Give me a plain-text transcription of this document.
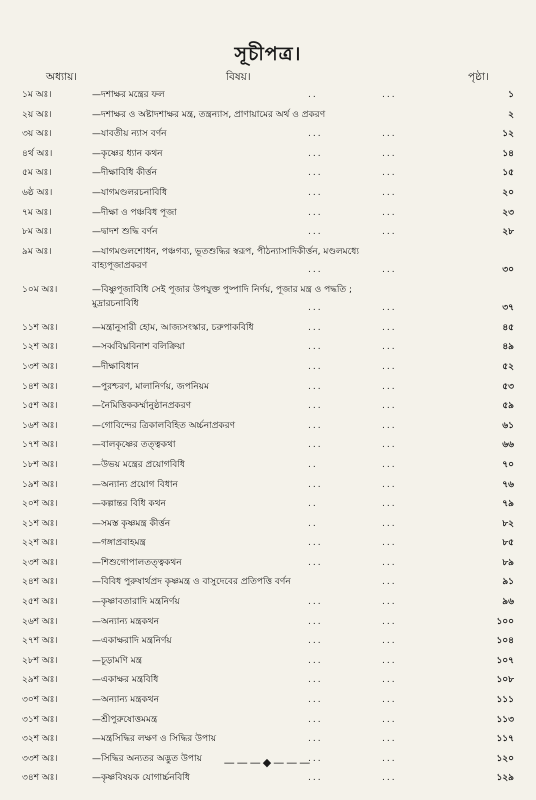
সূচীপত্র।
অধ্যায়।	বিষয়।	পৃষ্ঠা।
১ম অঃ।	—দশাক্ষর মন্ত্রের ফল	..	...	১
২য় অঃ।	—দশাক্ষর ও অষ্টাদশাক্ষর মন্ত্র, তন্ত্রন্যাস, প্রাণায়ামের অর্থ ও প্রকরণ	২
৩য় অঃ।	—যাবতীয় ন্যাস বর্ণন	...	...	১২
৪র্থ অঃ।	—কৃষ্ণের ধ্যান কথন	...	...	১৪
৫ম অঃ।	—দীক্ষাবিধি কীর্ত্তন	...	...	১৫
৬ষ্ঠ অঃ।	—যাগমণ্ডলরচনাবিধি	...	...	২০
৭ম অঃ।	—দীক্ষা ও পঞ্চবিধ পূজা	...	...	২৩
৮ম অঃ।	—দ্বাদশ শুদ্ধি বর্ণন	...	...	২৮
৯ম অঃ।	—যাগমণ্ডলশোধন, পঞ্চগব্য, ভূতশুদ্ধির স্বরূপ, পীঠন্যাসাদিকীর্ত্তন, মণ্ডলমধ্যে
বাহ্যপূজাপ্রকরণ	...	...	৩০
১০ম অঃ।	—বিষ্ণুপূজাবিধি সেই পূজার উপযুক্ত পুষ্পাদি নির্ণয়, পূজার মন্ত্র ও পদ্ধতি ;
মুদ্রারচনাবিধি	...	...	৩৭
১১শ অঃ।	—মন্ত্রানুসারী হোম, আজ্যসংস্কার, চরুপাকবিধি	...	...	৪৫
১২শ অঃ।	—সর্ব্ববিঘ্নবিনাশ বলিক্রিয়া	...	...	৪৯
১৩শ অঃ।	—দীক্ষাবিধান	...	...	৫২
১৪শ অঃ।	—পুরশ্চরণ, মালানির্ণয়, জপনিয়ম	...	...	৫৩
১৫শ অঃ।	—নৈমিত্তিককর্ম্মানুষ্ঠানপ্রকরণ	...	...	৫৯
১৬শ অঃ।	—গোবিন্দের ত্রিকালবিহিত অর্চ্চনাপ্রকরণ	...	...	৬১
১৭শ অঃ।	—বালকৃষ্ণের তত্ত্বকথা	...	...	৬৬
১৮শ অঃ।	—উভয় মন্ত্রের প্রয়োগবিধি	..	...	৭০
১৯শ অঃ।	—অন্যান্য প্রয়োগ বিধান	...	...	৭৬
২০শ অঃ।	—কল্পান্তর বিধি কথন	..	...	৭৯
২১শ অঃ।	—সমস্ত কৃষ্ণমন্ত্র কীর্ত্তন	..	...	৮২
২২শ অঃ।	—গঙ্গাপ্রবাহমন্ত্র	...	...	৮৫
২৩শ অঃ।	—শিশুগোপালতত্ত্বকথন	...	...	৮৯
২৪শ অঃ।	—বিবিধ পুরুষার্থপ্রদ কৃষ্ণমন্ত্র ও বাসুদেবের প্রতিপত্তি বর্ণন	...	৯১
২৫শ অঃ।	—কৃষ্ণাবতারাদি মন্ত্রনির্ণয়	...	...	৯৬
২৬শ অঃ।	—অন্যান্য মন্ত্রকথন	...	...	১০০
২৭শ অঃ।	—একাক্ষরাদি মন্ত্রনির্ণয়	...	...	১০৪
২৮শ অঃ।	—চূড়ামণি মন্ত্র	...	...	১০৭
২৯শ অঃ।	—একাক্ষর মন্ত্রবিধি	...	...	১০৮
৩০শ অঃ।	—অন্যান্য মন্ত্রকথন	...	...	১১১
৩১শ অঃ।	—শ্রীপুরুষোত্তমমন্ত্র	...	...	১১৩
৩২শ অঃ।	—মন্ত্রসিদ্ধির লক্ষণ ও সিদ্ধির উপায়	...	...	১১৭
৩৩শ অঃ।	—সিদ্ধির অন্যতর অদ্ভুত উপায়	...	...	১২০
৩৪শ অঃ।	—কৃষ্ণবিষয়ক যোগার্চ্চনবিধি	...	...	১২৯
———◆———
